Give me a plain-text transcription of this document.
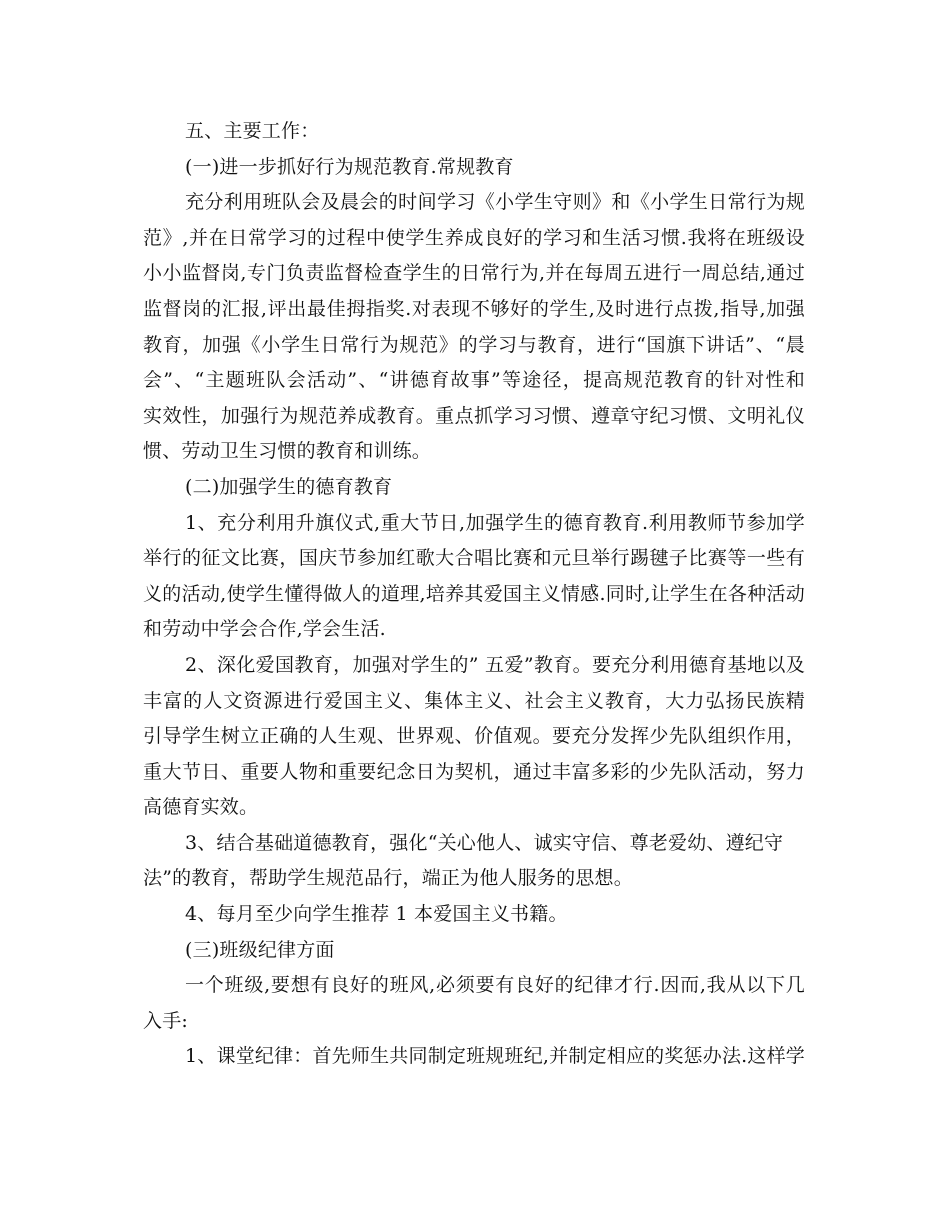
五、主要工作：
(一)进一步抓好行为规范教育.常规教育
充分利用班队会及晨会的时间学习《小学生守则》和《小学生日常行为规
范》,并在日常学习的过程中使学生养成良好的学习和生活习惯.我将在班级设
小小监督岗,专门负责监督检查学生的日常行为,并在每周五进行一周总结,通过
监督岗的汇报,评出最佳拇指奖.对表现不够好的学生,及时进行点拨,指导,加强
教育，加强《小学生日常行为规范》的学习与教育，进行“国旗下讲话”、“晨
会”、“主题班队会活动”、“讲德育故事”等途径，提高规范教育的针对性和
实效性，加强行为规范养成教育。重点抓学习习惯、遵章守纪习惯、文明礼仪
惯、劳动卫生习惯的教育和训练。
(二)加强学生的德育教育
1、充分利用升旗仪式,重大节日,加强学生的德育教育.利用教师节参加学
举行的征文比赛，国庆节参加红歌大合唱比赛和元旦举行踢毽子比赛等一些有
义的活动,使学生懂得做人的道理,培养其爱国主义情感.同时,让学生在各种活动
和劳动中学会合作,学会生活.
2、深化爱国教育，加强对学生的” 五爱”教育。要充分利用德育基地以及
丰富的人文资源进行爱国主义、集体主义、社会主义教育，大力弘扬民族精
引导学生树立正确的人生观、世界观、价值观。要充分发挥少先队组织作用，
重大节日、重要人物和重要纪念日为契机，通过丰富多彩的少先队活动，努力
高德育实效。
3、结合基础道德教育，强化“关心他人、诚实守信、尊老爱幼、遵纪守
法”的教育，帮助学生规范品行，端正为他人服务的思想。
4、每月至少向学生推荐 1 本爱国主义书籍。
(三)班级纪律方面
一个班级,要想有良好的班风,必须要有良好的纪律才行.因而,我从以下几
入手:
1、课堂纪律：首先师生共同制定班规班纪,并制定相应的奖惩办法.这样学
